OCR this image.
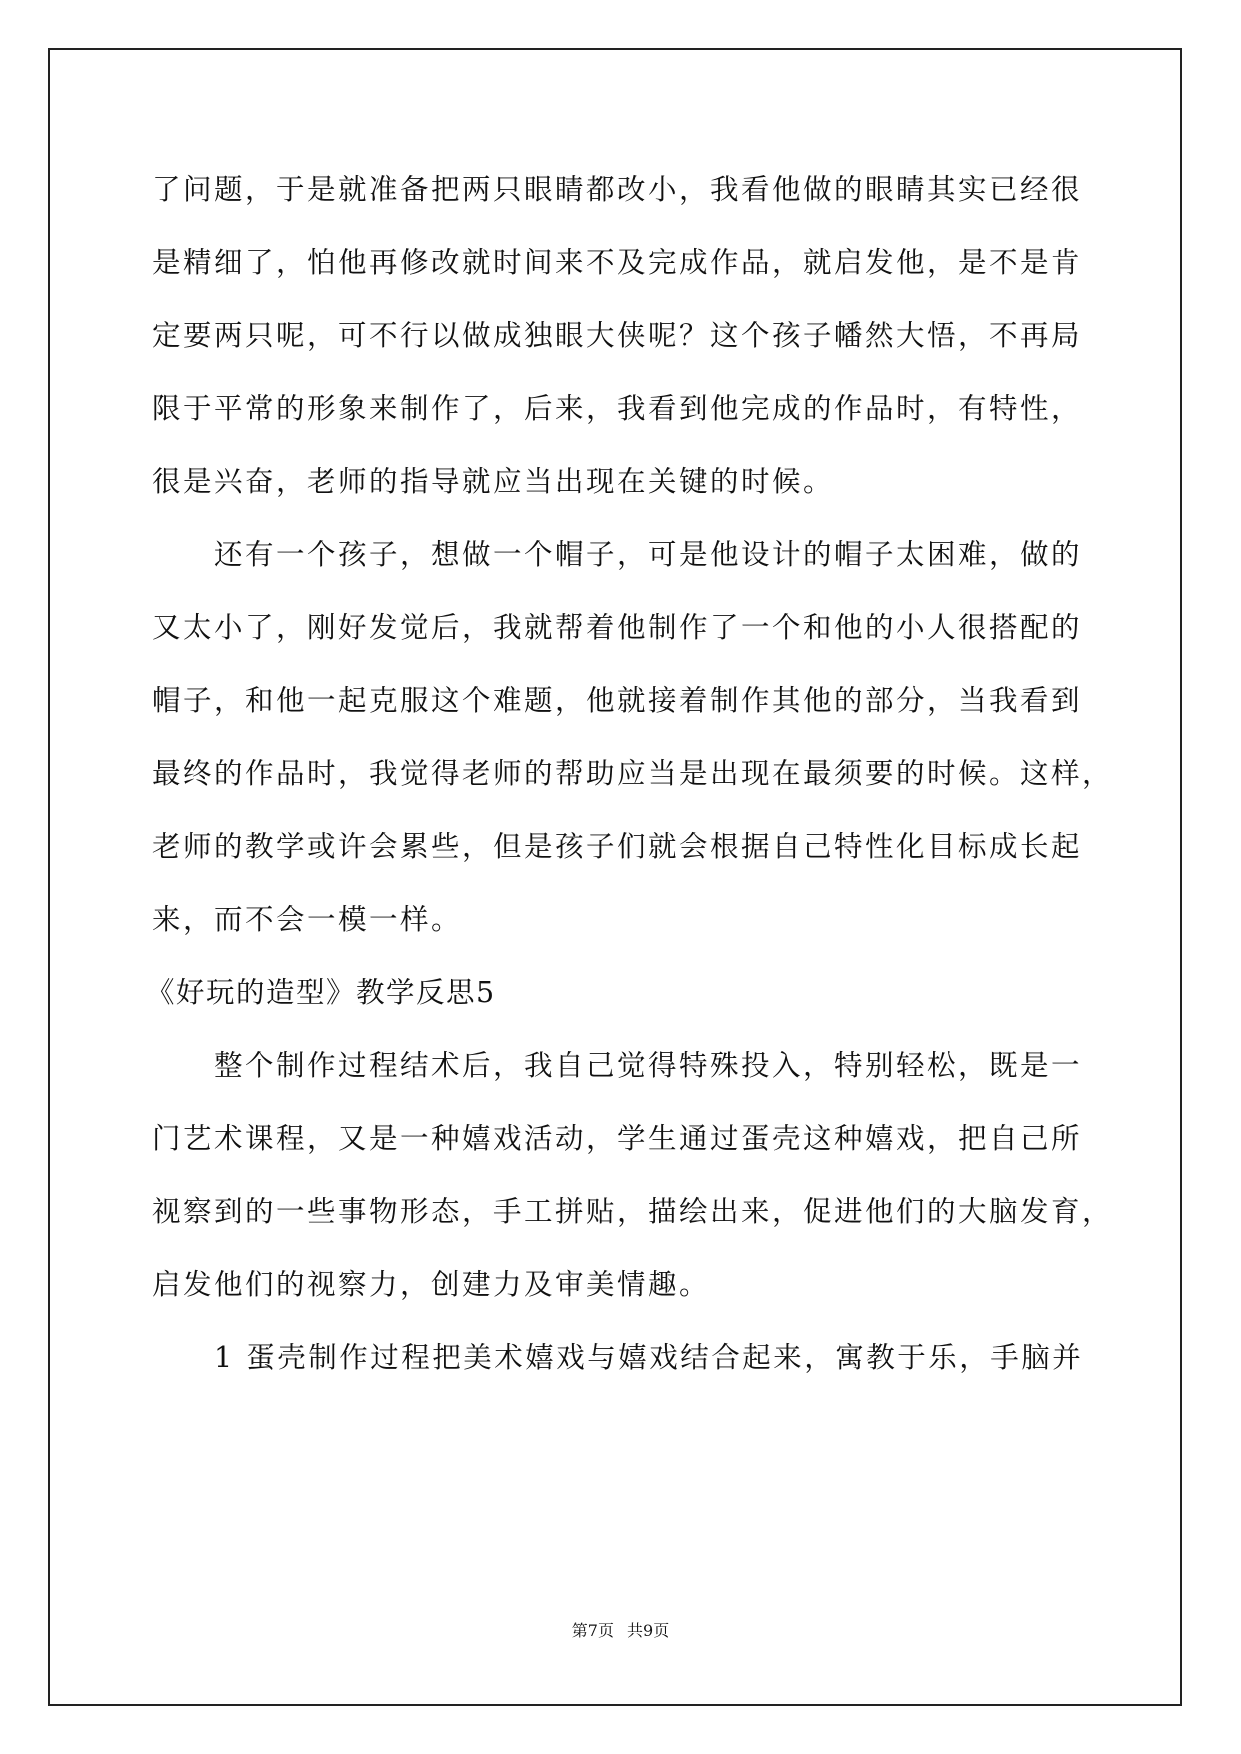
了问题，于是就准备把两只眼睛都改小，我看他做的眼睛其实已经很
是精细了，怕他再修改就时间来不及完成作品，就启发他，是不是肯
定要两只呢，可不行以做成独眼大侠呢？这个孩子幡然大悟，不再局
限于平常的形象来制作了，后来，我看到他完成的作品时，有特性，
很是兴奋，老师的指导就应当出现在关键的时候。
还有一个孩子，想做一个帽子，可是他设计的帽子太困难，做的
又太小了，刚好发觉后，我就帮着他制作了一个和他的小人很搭配的
帽子，和他一起克服这个难题，他就接着制作其他的部分，当我看到
最终的作品时，我觉得老师的帮助应当是出现在最须要的时候。这样，
老师的教学或许会累些，但是孩子们就会根据自己特性化目标成长起
来，而不会一模一样。
《好玩的造型》教学反思5
整个制作过程结术后，我自己觉得特殊投入，特别轻松，既是一
门艺术课程，又是一种嬉戏活动，学生通过蛋壳这种嬉戏，把自己所
视察到的一些事物形态，手工拼贴，描绘出来，促进他们的大脑发育，
启发他们的视察力，创建力及审美情趣。
1 蛋壳制作过程把美术嬉戏与嬉戏结合起来，寓教于乐，手脑并
第7页 共9页
